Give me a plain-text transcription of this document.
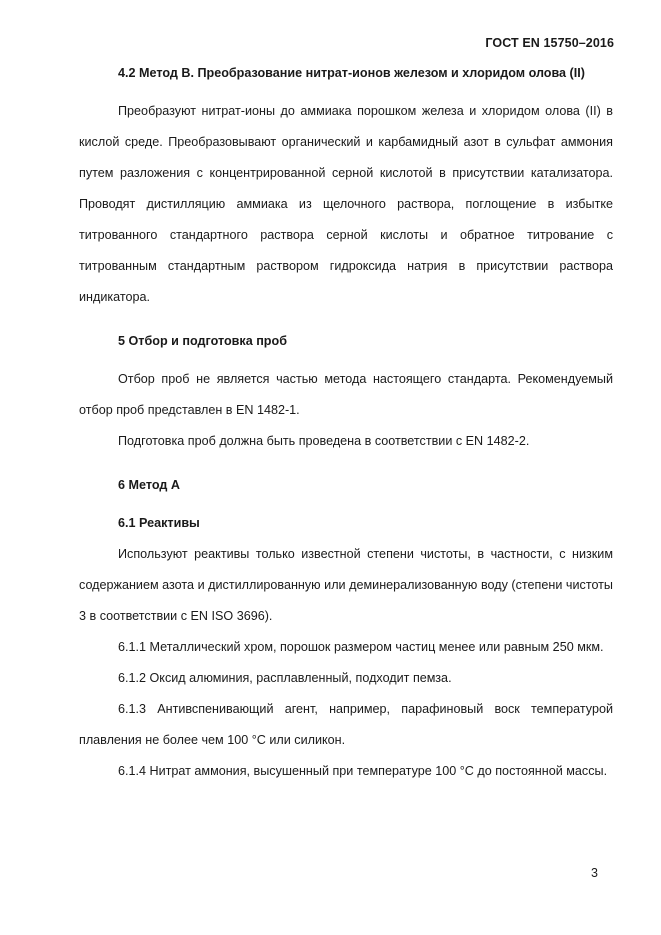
ГОСТ EN 15750–2016

4.2 Метод В. Преобразование нитрат-ионов железом и хлоридом олова (II)

Преобразуют нитрат-ионы до аммиака порошком железа и хлоридом олова (II) в кислой среде. Преобразовывают органический и карбамидный азот в сульфат аммония путем разложения с концентрированной серной кислотой в присутствии катализатора. Проводят дистилляцию аммиака из щелочного раствора, поглощение в избытке титрованного стандартного раствора серной кислоты и обратное титрование с титрованным стандартным раствором гидроксида натрия в присутствии раствора индикатора.

5 Отбор и подготовка проб

Отбор проб не является частью метода настоящего стандарта. Рекомендуемый отбор проб представлен в EN 1482-1.

Подготовка проб должна быть проведена в соответствии с EN 1482-2.

6 Метод А

6.1 Реактивы

Используют реактивы только известной степени чистоты, в частности, с низким содержанием азота и дистиллированную или деминерализованную воду (степени чистоты 3 в соответствии с EN ISO 3696).

6.1.1 Металлический хром, порошок размером частиц менее или равным 250 мкм.

6.1.2 Оксид алюминия, расплавленный, подходит пемза.

6.1.3 Антивспенивающий агент, например, парафиновый воск температурой плавления не более чем 100 °С или силикон.

6.1.4 Нитрат аммония, высушенный при температуре 100 °С до постоянной массы.

3
